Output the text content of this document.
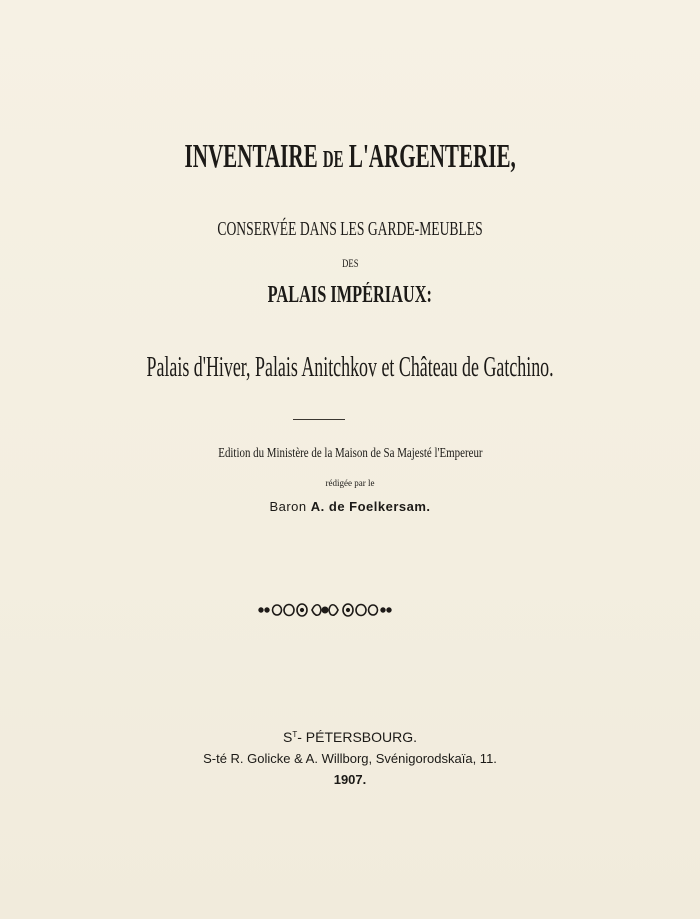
INVENTAIRE DE L'ARGENTERIE,
CONSERVÉE DANS LES GARDE-MEUBLES
DES
PALAIS IMPÉRIAUX:
Palais d'Hiver, Palais Anitchkov et Château de Gatchino.
Edition du Ministère de la Maison de Sa Majesté l'Empereur
rédigée par le
Baron A. de Foelkersam.
$S^T-$ PÉTERSBOURG.
S-té R. Golicke & A. Willborg, Svénigorodskaïa, 11.
1907.
